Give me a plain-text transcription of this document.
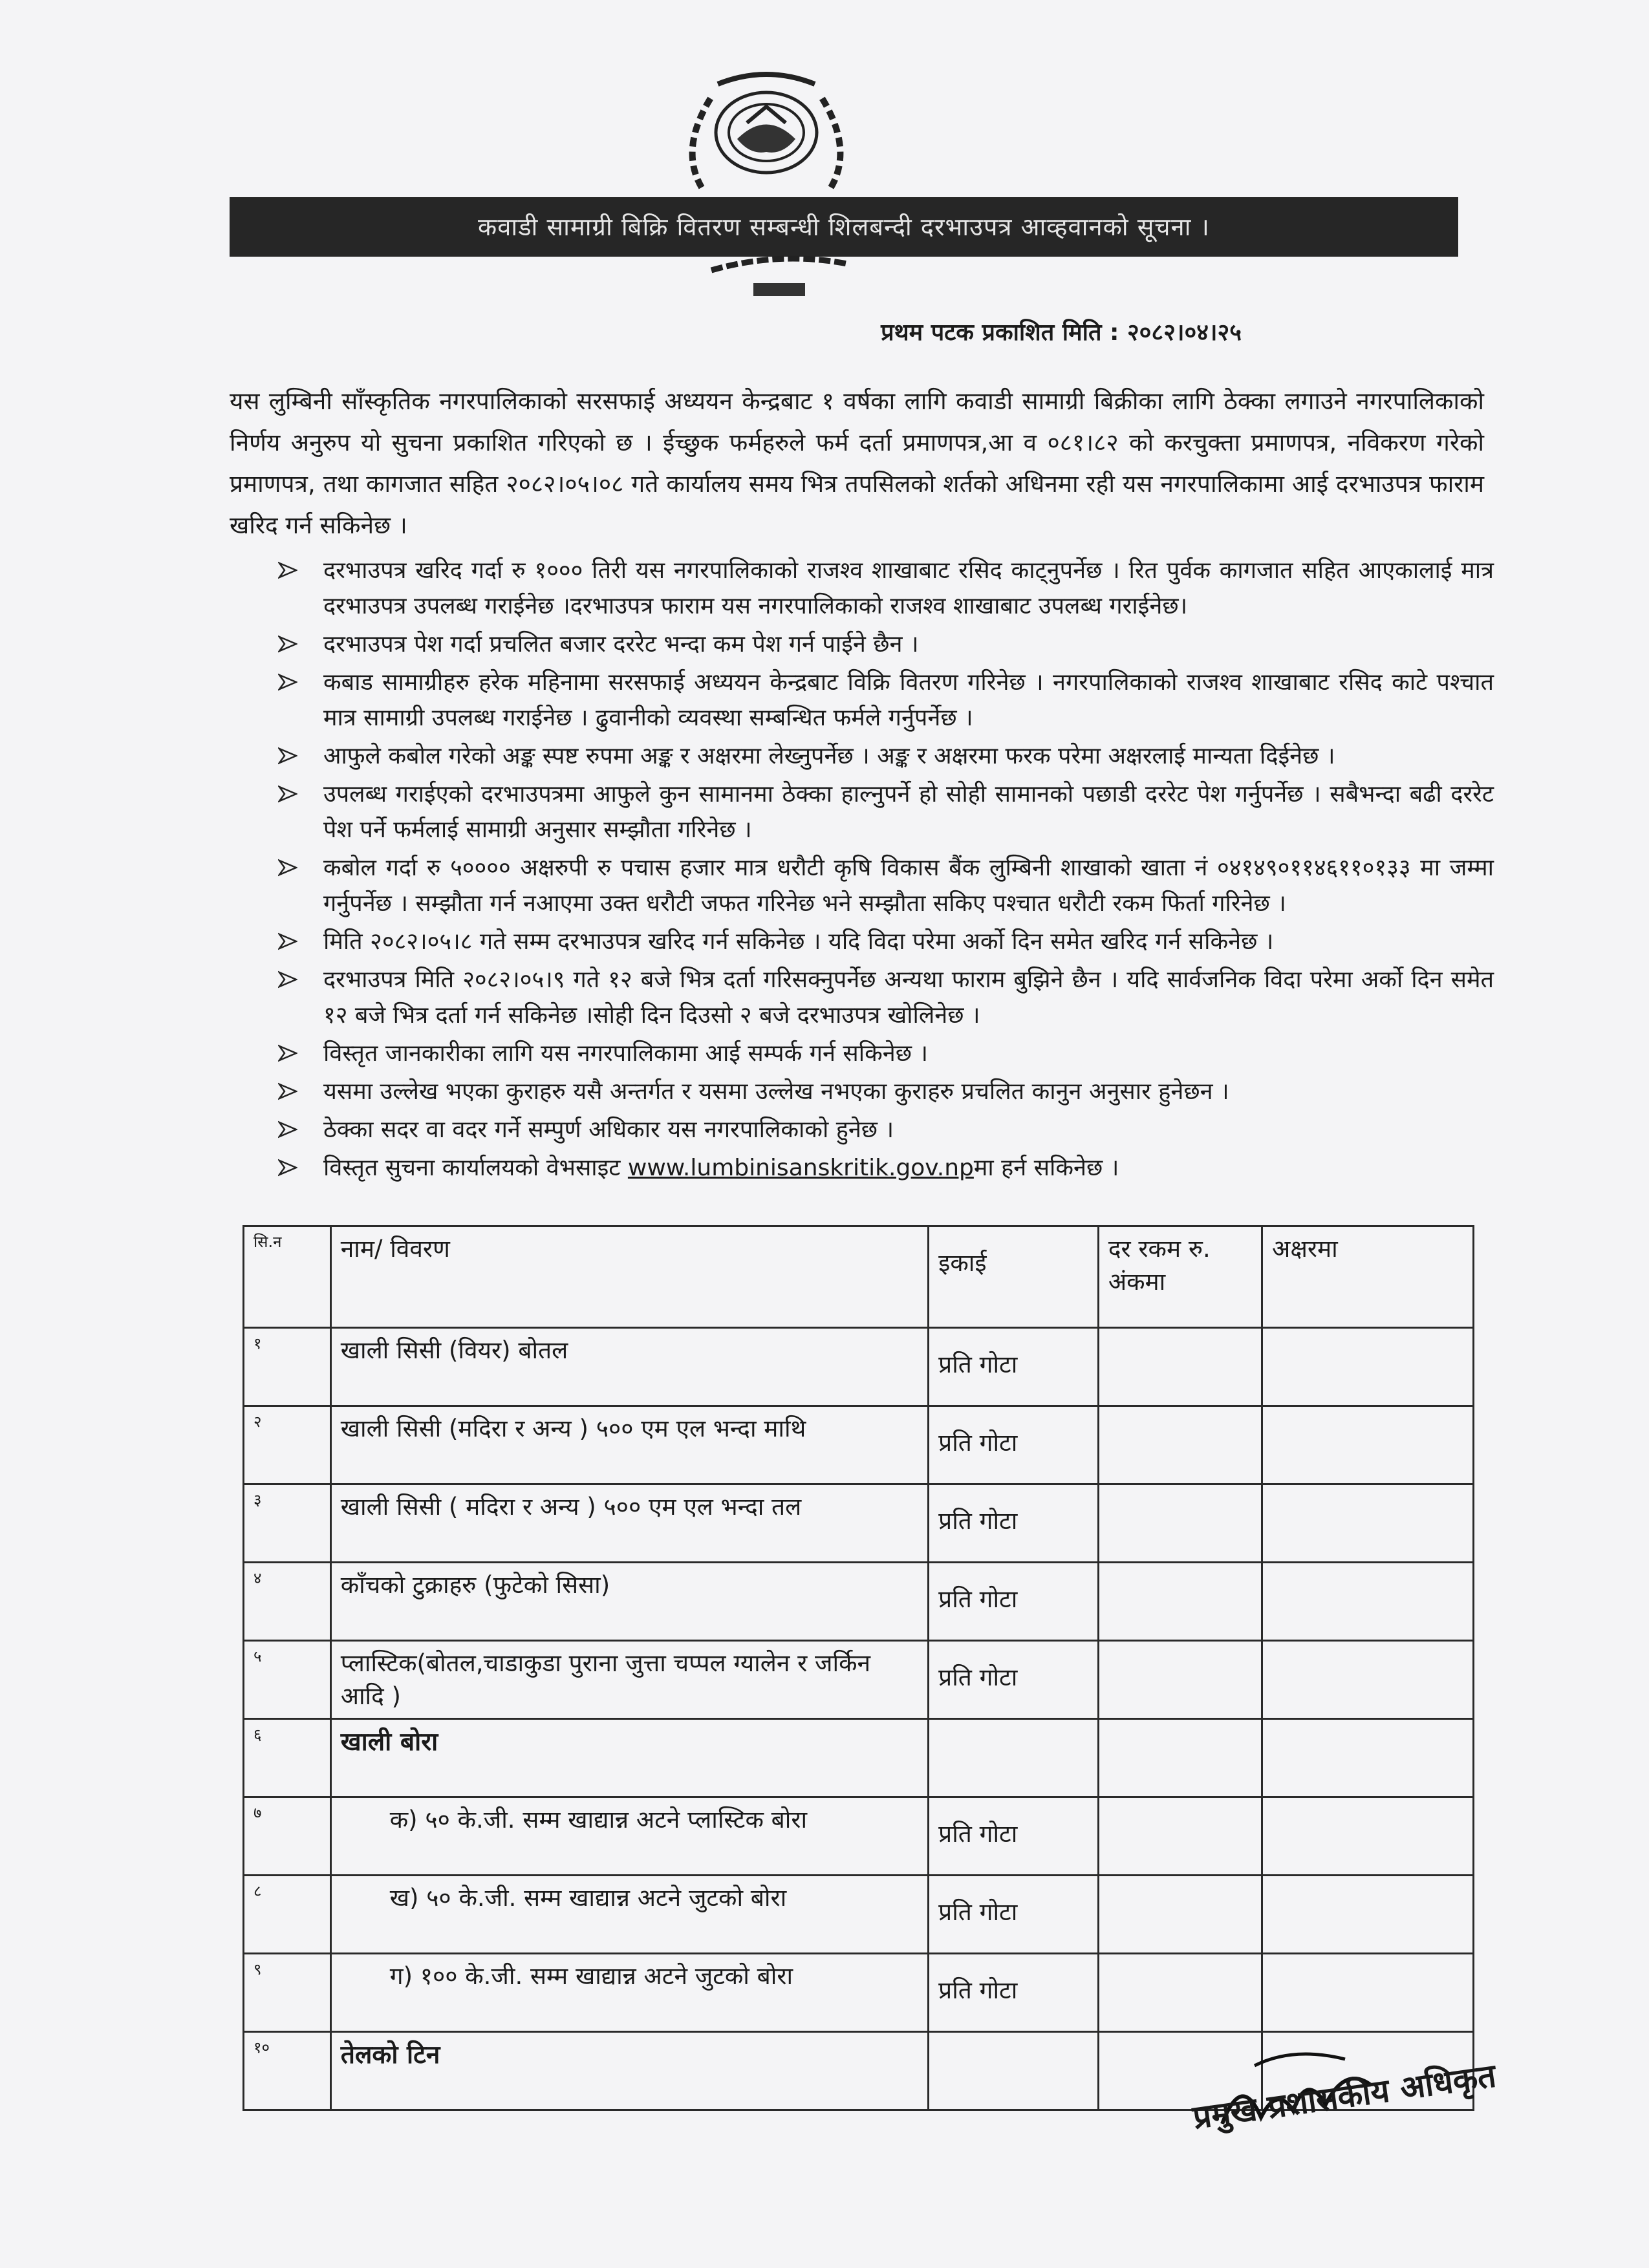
कवाडी सामाग्री बिक्रि वितरण सम्बन्धी शिलबन्दी दरभाउपत्र आव्हवानको सूचना ।
प्रथम पटक प्रकाशित मिति : २०८२।०४।२५

यस लुम्बिनी साँस्कृतिक नगरपालिकाको सरसफाई अध्ययन केन्द्रबाट १ वर्षका लागि कवाडी सामाग्री बिक्रीका लागि ठेक्का लगाउने नगरपालिकाको निर्णय अनुरुप यो सुचना प्रकाशित गरिएको छ । ईच्छुक फर्महरुले फर्म दर्ता प्रमाणपत्र,आ व ०८१।८२ को करचुक्ता प्रमाणपत्र, नविकरण गरेको प्रमाणपत्र, तथा कागजात सहित २०८२।०५।०८ गते कार्यालय समय भित्र तपसिलको शर्तको अधिनमा रही यस नगरपालिकामा आई दरभाउपत्र फाराम खरिद गर्न सकिनेछ ।

दरभाउपत्र खरिद गर्दा रु १००० तिरी यस नगरपालिकाको राजश्व शाखाबाट रसिद काट्नुपर्नेछ । रित पुर्वक कागजात सहित आएकालाई मात्र दरभाउपत्र उपलब्ध गराईनेछ ।दरभाउपत्र फाराम यस नगरपालिकाको राजश्व शाखाबाट उपलब्ध गराईनेछ।
दरभाउपत्र पेश गर्दा प्रचलित बजार दररेट भन्दा कम पेश गर्न पाईने छैन ।
कबाड सामाग्रीहरु हरेक महिनामा सरसफाई अध्ययन केन्द्रबाट विक्रि वितरण गरिनेछ । नगरपालिकाको राजश्व शाखाबाट रसिद काटे पश्चात मात्र सामाग्री उपलब्ध गराईनेछ । ढुवानीको व्यवस्था सम्बन्धित फर्मले गर्नुपर्नेछ ।
आफुले कबोल गरेको अङ्क स्पष्ट रुपमा अङ्क र अक्षरमा लेख्नुपर्नेछ । अङ्क र अक्षरमा फरक परेमा अक्षरलाई मान्यता दिईनेछ ।
उपलब्ध गराईएको दरभाउपत्रमा आफुले कुन सामानमा ठेक्का हाल्नुपर्ने हो सोही सामानको पछाडी दररेट पेश गर्नुपर्नेछ । सबैभन्दा बढी दररेट पेश पर्ने फर्मलाई सामाग्री अनुसार सम्झौता गरिनेछ ।
कबोल गर्दा रु ५०००० अक्षरुपी रु पचास हजार मात्र धरौटी कृषि विकास बैंक लुम्बिनी शाखाको खाता नं ०४१४९०११४६११०१३३ मा जम्मा गर्नुपर्नेछ । सम्झौता गर्न नआएमा उक्त धरौटी जफत गरिनेछ भने सम्झौता सकिए पश्चात धरौटी रकम फिर्ता गरिनेछ ।
मिति २०८२।०५।८ गते सम्म दरभाउपत्र खरिद गर्न सकिनेछ । यदि विदा परेमा अर्को दिन समेत खरिद गर्न सकिनेछ ।
दरभाउपत्र मिति २०८२।०५।९ गते १२ बजे भित्र दर्ता गरिसक्नुपर्नेछ अन्यथा फाराम बुझिने छैन । यदि सार्वजनिक विदा परेमा अर्को दिन समेत १२ बजे भित्र दर्ता गर्न सकिनेछ ।सोही दिन दिउसो २ बजे दरभाउपत्र खोलिनेछ ।
विस्तृत जानकारीका लागि यस नगरपालिकामा आई सम्पर्क गर्न सकिनेछ ।
यसमा उल्लेख भएका कुराहरु यसै अन्तर्गत र यसमा उल्लेख नभएका कुराहरु प्रचलित कानुन अनुसार हुनेछन ।
ठेक्का सदर वा वदर गर्ने सम्पुर्ण अधिकार यस नगरपालिकाको हुनेछ ।
विस्तृत सुचना कार्यालयको वेभसाइट www.lumbinisanskritik.gov.npमा हर्न सकिनेछ ।
सि.न	नाम/ विवरण	इकाई	दर रकम रु. अंकमा	अक्षरमा
१	खाली सिसी (वियर) बोतल	प्रति गोटा		
२	खाली सिसी (मदिरा र अन्य ) ५०० एम एल भन्दा माथि	प्रति गोटा		
३	खाली सिसी ( मदिरा र अन्य ) ५०० एम एल भन्दा तल	प्रति गोटा		
४	काँचको टुक्राहरु (फुटेको सिसा)	प्रति गोटा		
५	प्लास्टिक(बोतल,चाडाकुडा पुराना जुत्ता चप्पल ग्यालेन र जर्किन आदि )	प्रति गोटा		
६	खाली बोरा			
७	क) ५० के.जी. सम्म खाद्यान्न अटने प्लास्टिक बोरा	प्रति गोटा		
८	ख) ५० के.जी. सम्म खाद्यान्न अटने जुटको बोरा	प्रति गोटा		
९	ग) १०० के.जी. सम्म खाद्यान्न अटने जुटको बोरा	प्रति गोटा		
१०	तेलको टिन			
प्रमुख प्रशासकीय अधिकृत
